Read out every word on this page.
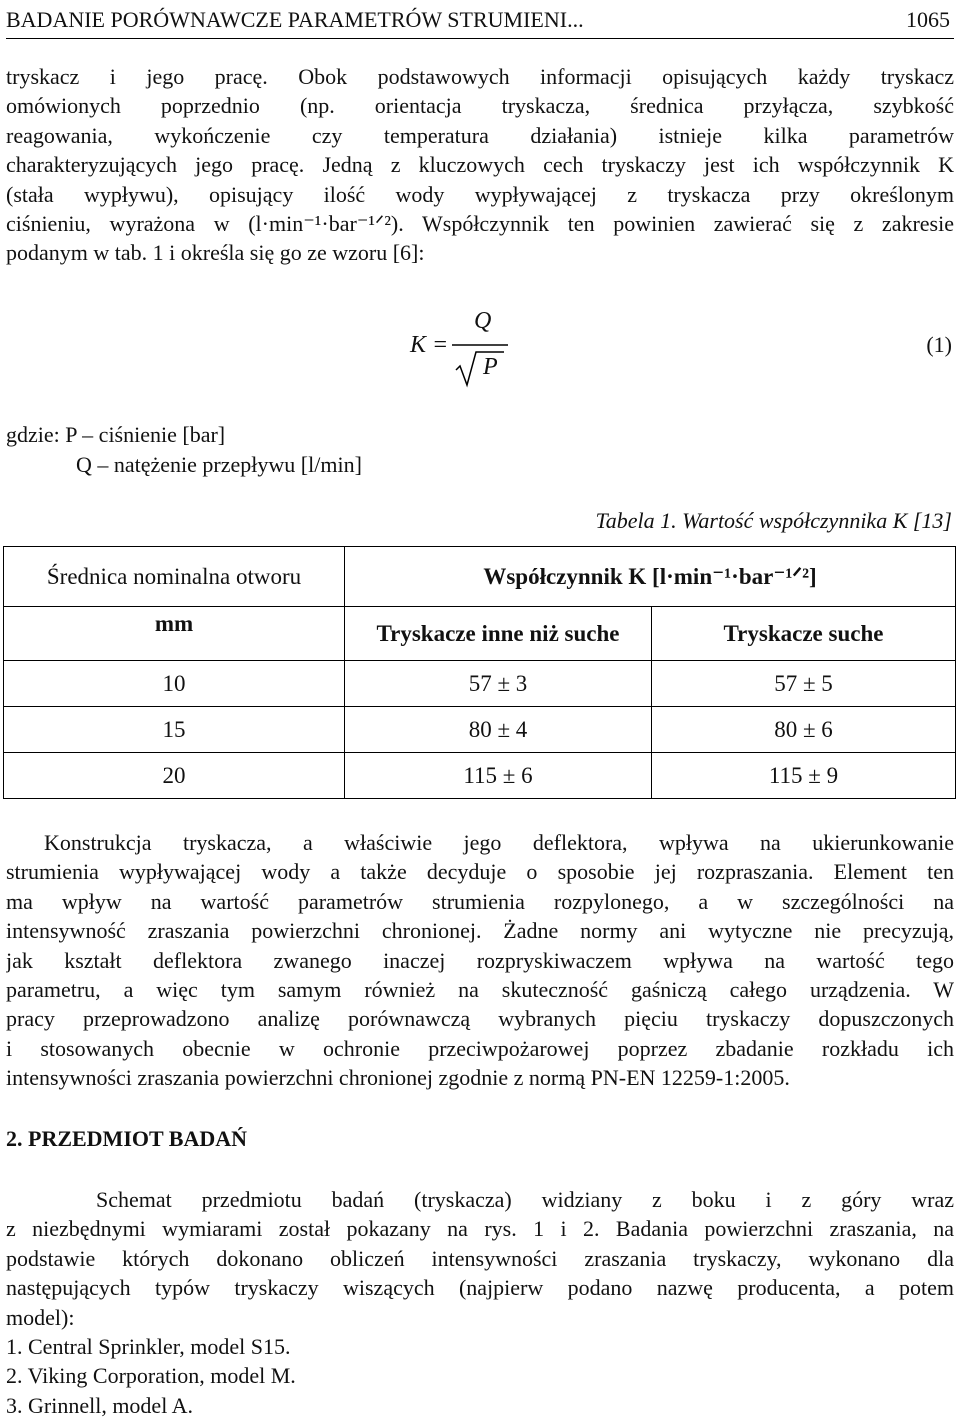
BADANIE PORÓWNAWCZE PARAMETRÓW STRUMIENI...	1065
tryskacz i jego pracę. Obok podstawowych informacji opisujących każdy tryskacz
omówionych poprzednio (np. orientacja tryskacza, średnica przyłącza, szybkość
reagowania, wykończenie czy temperatura działania) istnieje kilka parametrów
charakteryzujących jego pracę. Jedną z kluczowych cech tryskaczy jest ich współczynnik K
(stała wypływu), opisujący ilość wody wypływającej z tryskacza przy określonym
ciśnieniu, wyrażona w (l·min⁻¹·bar⁻¹ᐟ²). Współczynnik ten powinien zawierać się z zakresie
podanym w tab. 1 i określa się go ze wzoru [6]:
K =
Q
P
(1)
gdzie: P – ciśnienie [bar]
Q – natężenie przepływu [l/min]
Tabela 1. Wartość współczynnika K [13]
Średnica nominalna otworu	Współczynnik K [l·min⁻¹·bar⁻¹ᐟ²]	
mm	Tryskacze inne niż suche	Tryskacze suche
10	57 ± 3	57 ± 5
15	80 ± 4	80 ± 6
20	115 ± 6	115 ± 9
Konstrukcja tryskacza, a właściwie jego deflektora, wpływa na ukierunkowanie
strumienia wypływającej wody a także decyduje o sposobie jej rozpraszania. Element ten
ma wpływ na wartość parametrów strumienia rozpylonego, a w szczególności na
intensywność zraszania powierzchni chronionej. Żadne normy ani wytyczne nie precyzują,
jak kształt deflektora zwanego inaczej rozpryskiwaczem wpływa na wartość tego
parametru, a więc tym samym również na skuteczność gaśniczą całego urządzenia. W
pracy przeprowadzono analizę porównawczą wybranych pięciu tryskaczy dopuszczonych
i stosowanych obecnie w ochronie przeciwpożarowej poprzez zbadanie rozkładu ich
intensywności zraszania powierzchni chronionej zgodnie z normą PN-EN 12259-1:2005.
2. PRZEDMIOT BADAŃ
Schemat przedmiotu badań (tryskacza) widziany z boku i z góry wraz
z niezbędnymi wymiarami został pokazany na rys. 1 i 2. Badania powierzchni zraszania, na
podstawie których dokonano obliczeń intensywności zraszania tryskaczy, wykonano dla
następujących typów tryskaczy wiszących (najpierw podano nazwę producenta, a potem
model):
1. Central Sprinkler, model S15.
2. Viking Corporation, model M.
3. Grinnell, model A.
